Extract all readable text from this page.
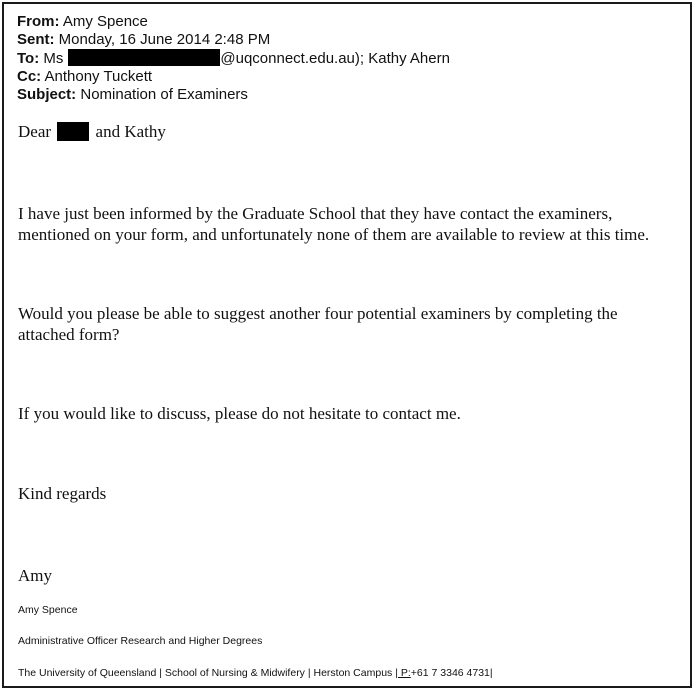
From: Amy Spence
Sent: Monday, 16 June 2014 2:48 PM
To: Ms	@uqconnect.edu.au); Kathy Ahern
Cc: Anthony Tuckett
Subject: Nomination of Examiners
Dear	and Kathy
I have just been informed by the Graduate School that they have contact the examiners,
mentioned on your form, and unfortunately none of them are available to review at this time.
Would you please be able to suggest another four potential examiners by completing the
attached form?
If you would like to discuss, please do not hesitate to contact me.
Kind regards
Amy
Amy Spence
Administrative Officer Research and Higher Degrees
The University of Queensland | School of Nursing & Midwifery | Herston Campus | P:+61 7 3346 4731|
